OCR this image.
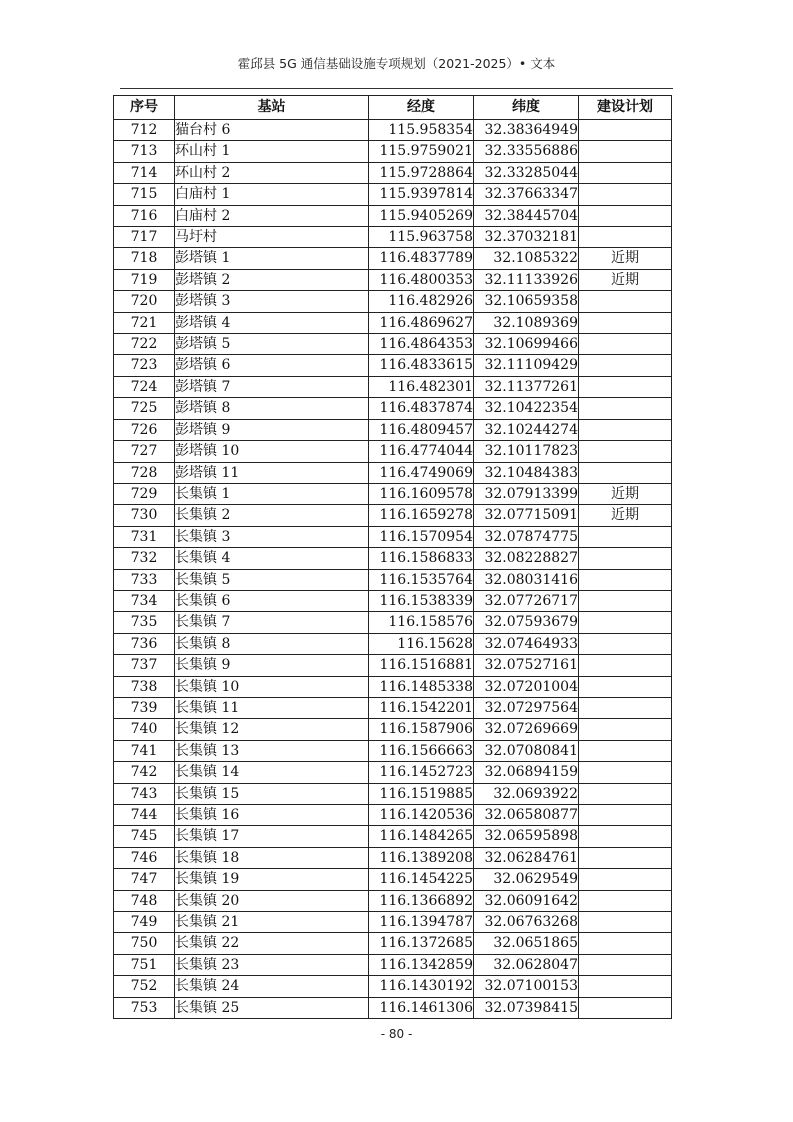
霍邱县 5G 通信基础设施专项规划（2021-2025）• 文本
序号	基站	经度	纬度	建设计划
712	猫台村 6	115.958354	32.38364949	
713	环山村 1	115.9759021	32.33556886	
714	环山村 2	115.9728864	32.33285044	
715	白庙村 1	115.9397814	32.37663347	
716	白庙村 2	115.9405269	32.38445704	
717	马圩村	115.963758	32.37032181	
718	彭塔镇 1	116.4837789	32.1085322	近期
719	彭塔镇 2	116.4800353	32.11133926	近期
720	彭塔镇 3	116.482926	32.10659358	
721	彭塔镇 4	116.4869627	32.1089369	
722	彭塔镇 5	116.4864353	32.10699466	
723	彭塔镇 6	116.4833615	32.11109429	
724	彭塔镇 7	116.482301	32.11377261	
725	彭塔镇 8	116.4837874	32.10422354	
726	彭塔镇 9	116.4809457	32.10244274	
727	彭塔镇 10	116.4774044	32.10117823	
728	彭塔镇 11	116.4749069	32.10484383	
729	长集镇 1	116.1609578	32.07913399	近期
730	长集镇 2	116.1659278	32.07715091	近期
731	长集镇 3	116.1570954	32.07874775	
732	长集镇 4	116.1586833	32.08228827	
733	长集镇 5	116.1535764	32.08031416	
734	长集镇 6	116.1538339	32.07726717	
735	长集镇 7	116.158576	32.07593679	
736	长集镇 8	116.15628	32.07464933	
737	长集镇 9	116.1516881	32.07527161	
738	长集镇 10	116.1485338	32.07201004	
739	长集镇 11	116.1542201	32.07297564	
740	长集镇 12	116.1587906	32.07269669	
741	长集镇 13	116.1566663	32.07080841	
742	长集镇 14	116.1452723	32.06894159	
743	长集镇 15	116.1519885	32.0693922	
744	长集镇 16	116.1420536	32.06580877	
745	长集镇 17	116.1484265	32.06595898	
746	长集镇 18	116.1389208	32.06284761	
747	长集镇 19	116.1454225	32.0629549	
748	长集镇 20	116.1366892	32.06091642	
749	长集镇 21	116.1394787	32.06763268	
750	长集镇 22	116.1372685	32.0651865	
751	长集镇 23	116.1342859	32.0628047	
752	长集镇 24	116.1430192	32.07100153	
753	长集镇 25	116.1461306	32.07398415	
- 80 -
